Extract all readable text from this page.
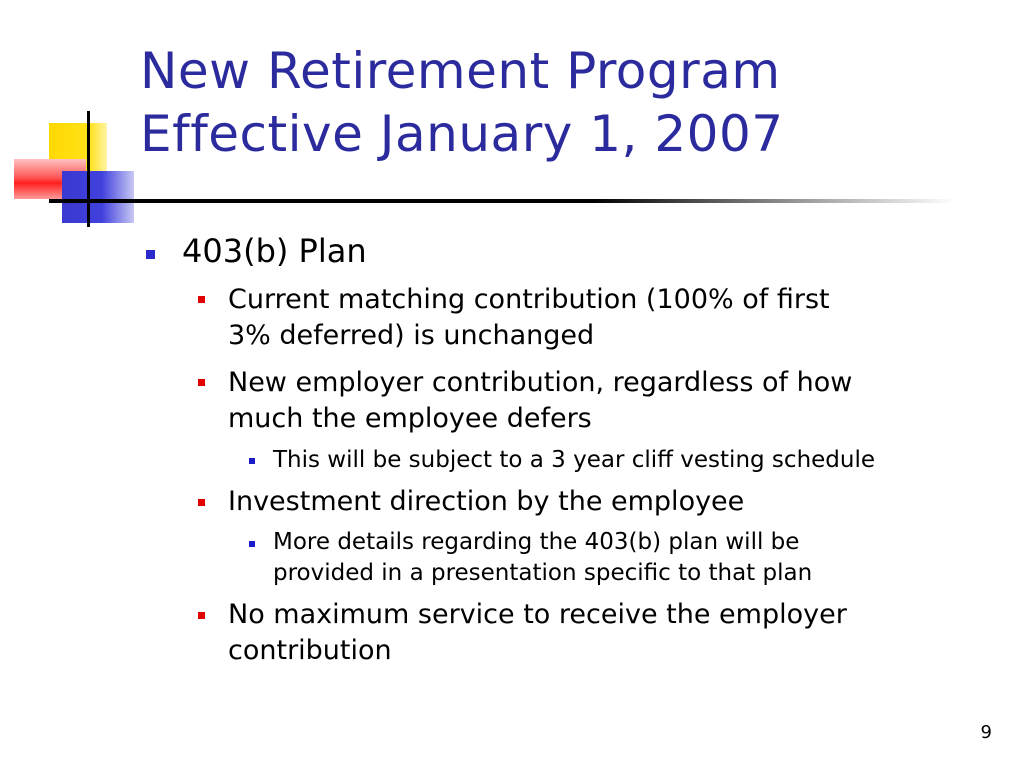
New Retirement Program
Effective January 1, 2007
403(b) Plan
Current matching contribution (100% of first
3% deferred) is unchanged
New employer contribution, regardless of how
much the employee defers
This will be subject to a 3 year cliff vesting schedule
Investment direction by the employee
More details regarding the 403(b) plan will be
provided in a presentation specific to that plan
No maximum service to receive the employer
contribution
9
